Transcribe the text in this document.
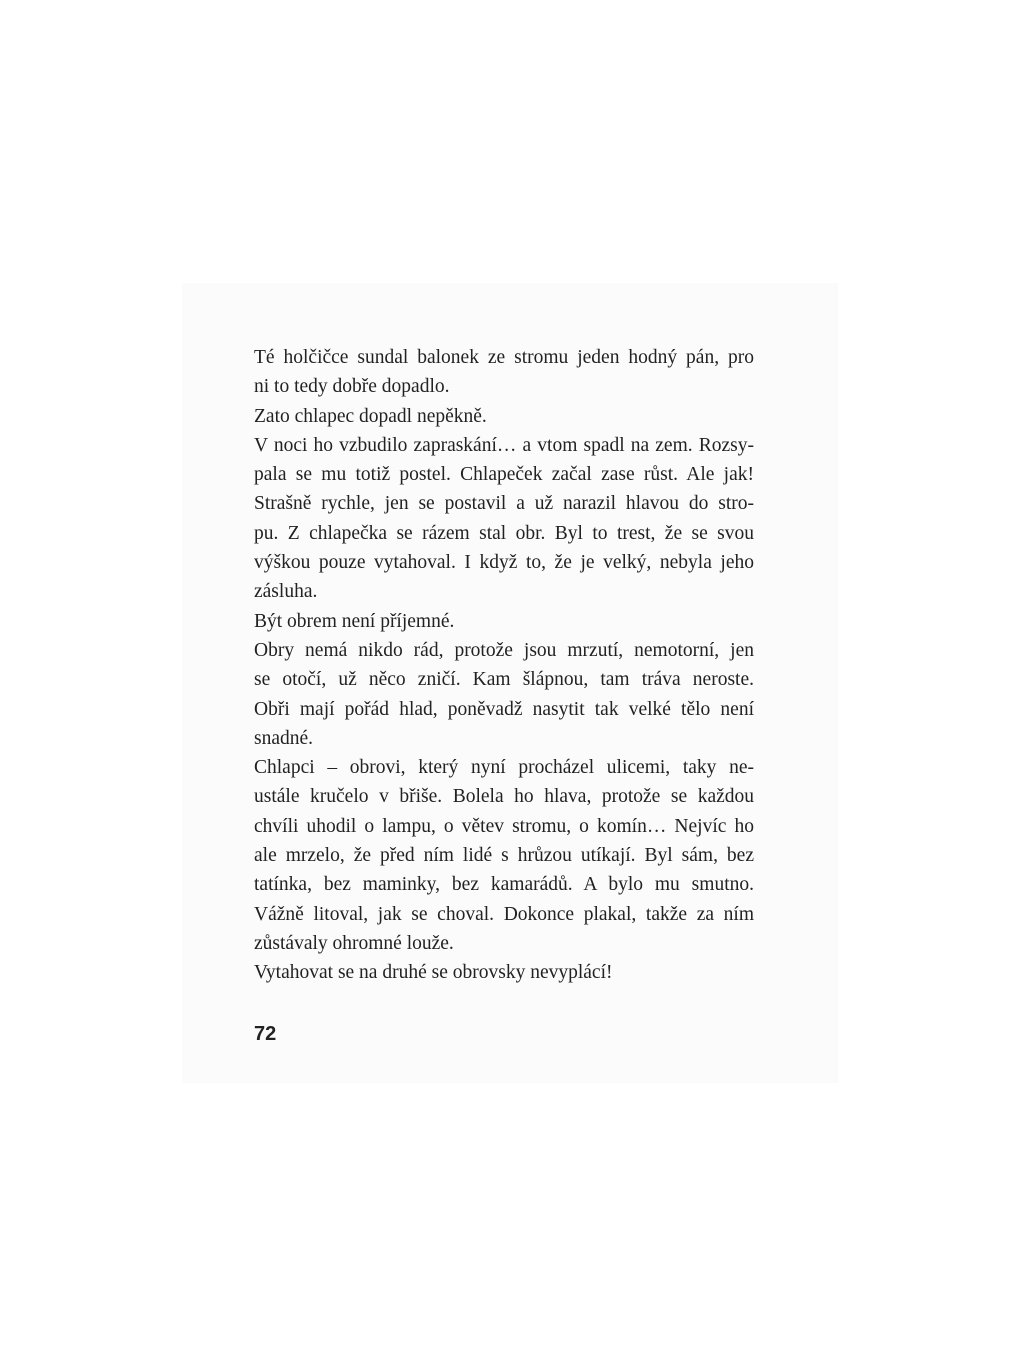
Té holčičce sundal balonek ze stromu jeden hodný pán, pro
ni to tedy dobře dopadlo.
Zato chlapec dopadl nepěkně.
V noci ho vzbudilo zapraskání… a vtom spadl na zem. Rozsy-
pala se mu totiž postel. Chlapeček začal zase růst. Ale jak!
Strašně rychle, jen se postavil a už narazil hlavou do stro-
pu. Z chlapečka se rázem stal obr. Byl to trest, že se svou
výškou pouze vytahoval. I když to, že je velký, nebyla jeho
zásluha.
Být obrem není příjemné.
Obry nemá nikdo rád, protože jsou mrzutí, nemotorní, jen
se otočí, už něco zničí. Kam šlápnou, tam tráva neroste.
Obři mají pořád hlad, poněvadž nasytit tak velké tělo není
snadné.
Chlapci – obrovi, který nyní procházel ulicemi, taky ne-
ustále kručelo v břiše. Bolela ho hlava, protože se každou
chvíli uhodil o lampu, o větev stromu, o komín… Nejvíc ho
ale mrzelo, že před ním lidé s hrůzou utíkají. Byl sám, bez
tatínka, bez maminky, bez kamarádů. A bylo mu smutno.
Vážně litoval, jak se choval. Dokonce plakal, takže za ním
zůstávaly ohromné louže.
Vytahovat se na druhé se obrovsky nevyplácí!
72
